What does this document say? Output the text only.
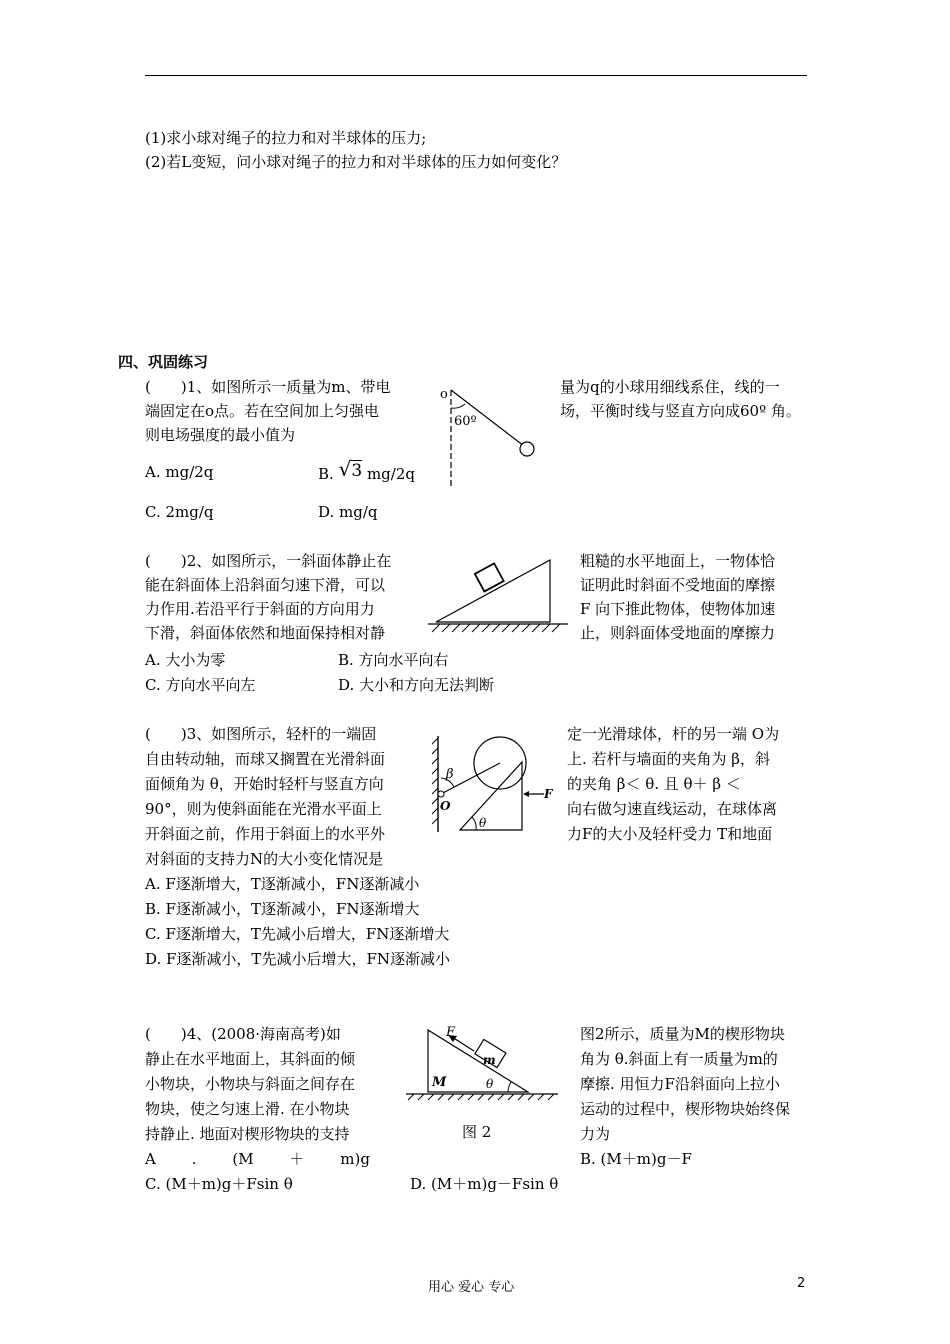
(1)求小球对绳子的拉力和对半球体的压力;
(2)若L变短，问小球对绳子的拉力和对半球体的压力如何变化？
四、巩固练习
(　　)1、如图所示一质量为m、带电
端固定在o点。若在空间加上匀强电
则电场强度的最小值为
量为q的小球用细线系住，线的一
场，平衡时线与竖直方向成60º 角。
o
60º
A. mg/2q	B. √3 mg/2q
C. 2mg/q	D. mg/q
(　　)2、如图所示，一斜面体静止在
能在斜面体上沿斜面匀速下滑，可以
力作用.若沿平行于斜面的方向用力
下滑，斜面体依然和地面保持相对静
粗糙的水平地面上，一物体恰
证明此时斜面不受地面的摩擦
F 向下推此物体，使物体加速
止，则斜面体受地面的摩擦力
A. 大小为零	B. 方向水平向右
C. 方向水平向左	D. 大小和方向无法判断
(　　)3、如图所示，轻杆的一端固
自由转动轴，而球又搁置在光滑斜面
面倾角为 θ，开始时轻杆与竖直方向
90°，则为使斜面能在光滑水平面上
开斜面之前，作用于斜面上的水平外
对斜面的支持力N的大小变化情况是
定一光滑球体，杆的另一端 O为
上. 若杆与墙面的夹角为 β，斜
的夹角 β＜ θ. 且 θ＋ β ＜
向右做匀速直线运动，在球体离
力F的大小及轻杆受力 T和地面
β
O
θ
F
A. F逐渐增大，T逐渐减小，FN逐渐减小
B. F逐渐减小，T逐渐减小，FN逐渐增大
C. F逐渐增大，T先减小后增大，FN逐渐增大
D. F逐渐减小，T先减小后增大，FN逐渐减小
(　　)4、(2008·海南高考)如
静止在水平地面上，其斜面的倾
小物块，小物块与斜面之间存在
物块，使之匀速上滑. 在小物块
持静止. 地面对楔形物块的支持
图2所示，质量为M的楔形物块
角为 θ.斜面上有一质量为m的
摩擦. 用恒力F沿斜面向上拉小
运动的过程中，楔形物块始终保
力为
F
m
M	θ
图 2
A . (M ＋ m)g	B. (M＋m)g－F
C. (M＋m)g＋Fsin θ	D. (M＋m)g－Fsin θ
用心 爱心 专心	2
